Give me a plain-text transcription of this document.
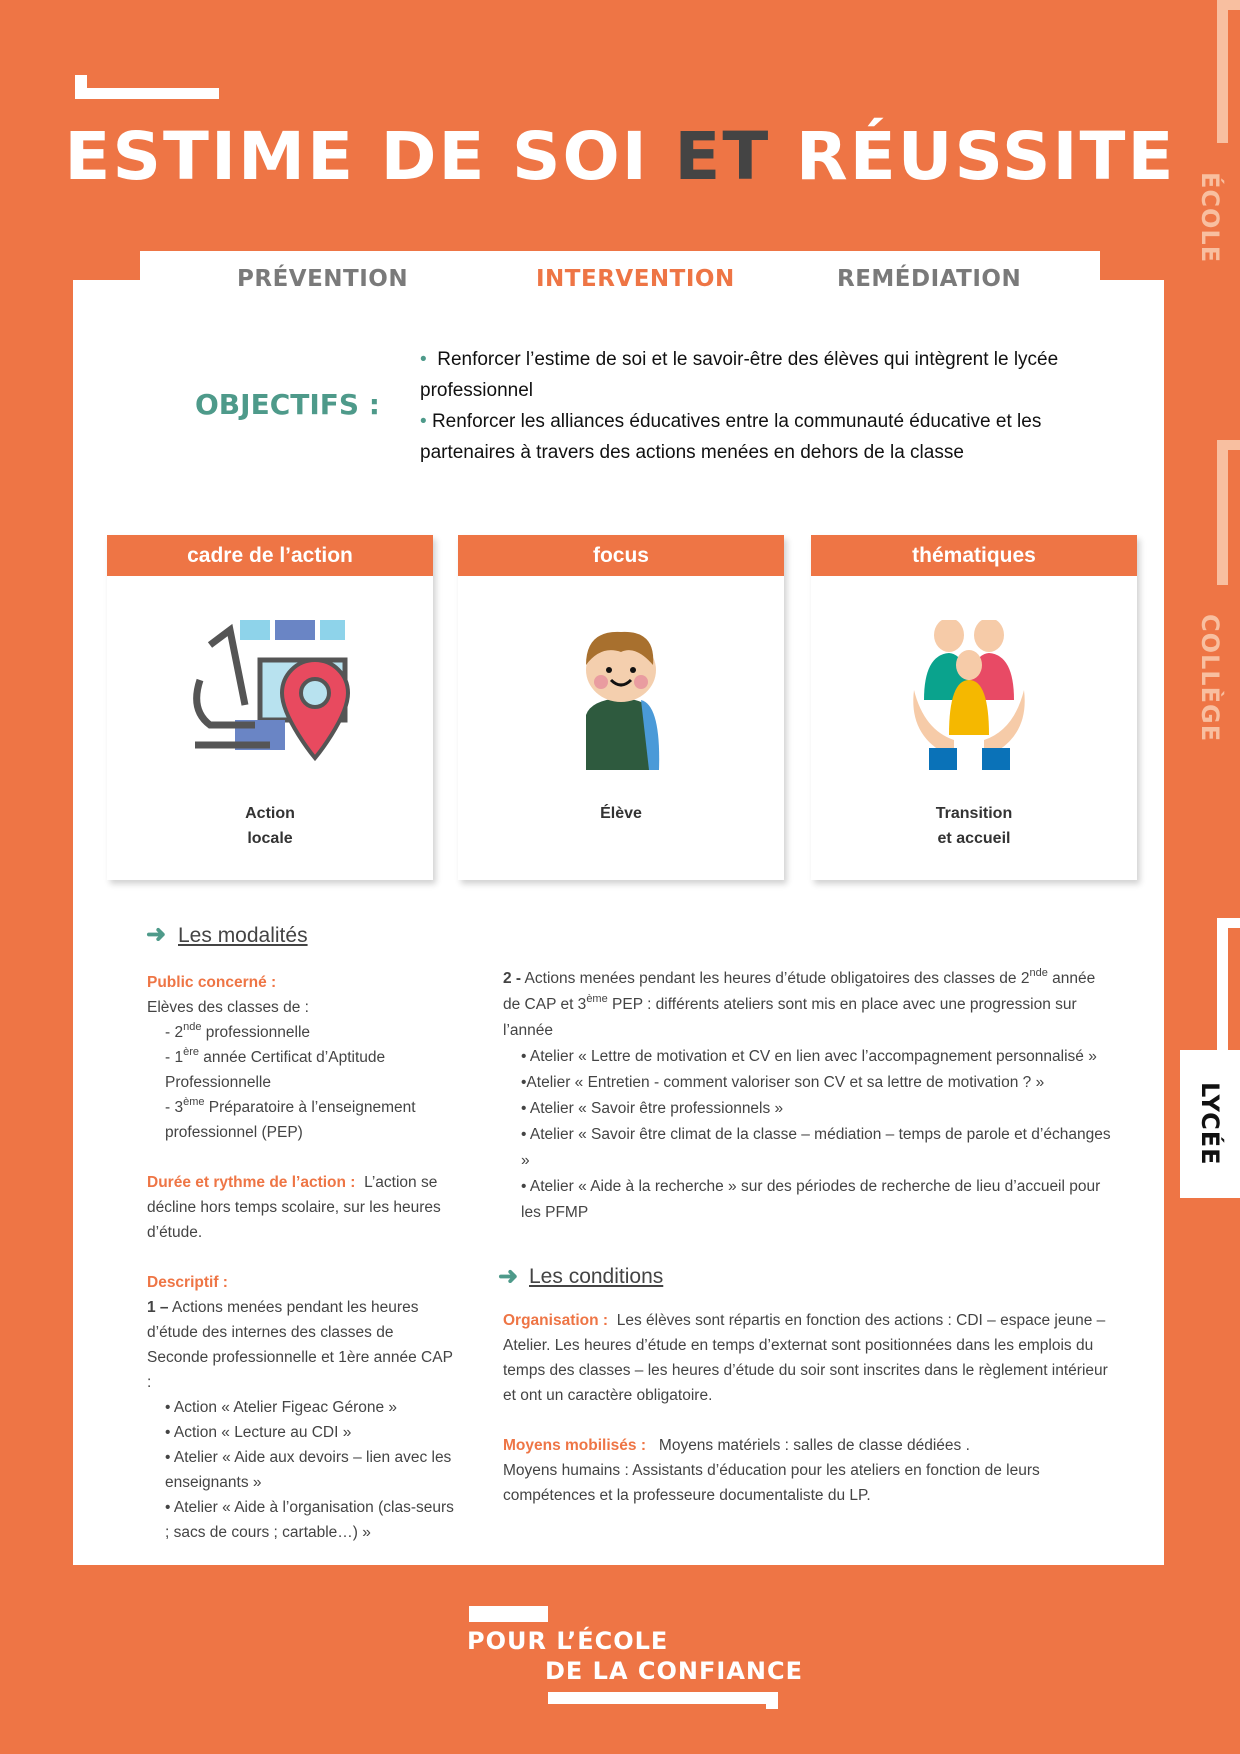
ESTIME DE SOI ET RÉUSSITE
ÉCOLE
COLLÈGE
LYCÉE
PRÉVENTION	INTERVENTION	REMÉDIATION
OBJECTIFS :

• Renforcer l’estime de soi et le savoir-être des élèves qui intègrent le lycée professionnel

• Renforcer les alliances éducatives entre la communauté éducative et les partenaires à travers des actions menées en dehors de la classe

cadre de l’action
Action
locale
focus
Élève
thématiques
Transition
et accueil
➜ Les modalités

Public concerné :

Elèves des classes de :

- 2nde professionnelle

- 1ère année Certificat d’Aptitude Professionnelle

- 3ème Préparatoire à l’enseignement professionnel (PEP)

Durée et rythme de l’action : L’action se décline hors temps scolaire, sur les heures d’étude.

Descriptif :

1 – Actions menées pendant les heures d’étude des internes des classes de Seconde professionnelle et 1ère année CAP :

• Action « Atelier Figeac Gérone »

• Action « Lecture au CDI »

• Atelier « Aide aux devoirs – lien avec les enseignants »

• Atelier « Aide à l’organisation (clas-seurs ; sacs de cours ; cartable…) »

2 - Actions menées pendant les heures d’étude obligatoires des classes de 2nde année de CAP et 3ème PEP : différents ateliers sont mis en place avec une progression sur l’année

• Atelier « Lettre de motivation et CV en lien avec l’accompagnement personnalisé »

•Atelier « Entretien - comment valoriser son CV et sa lettre de motivation ? »

• Atelier « Savoir être professionnels »

• Atelier « Savoir être climat de la classe – médiation – temps de parole et d’échanges »

• Atelier « Aide à la recherche » sur des périodes de recherche de lieu d’accueil pour les PFMP

➜ Les conditions

Organisation : Les élèves sont répartis en fonction des actions : CDI – espace jeune – Atelier. Les heures d’étude en temps d’externat sont positionnées dans les emplois du temps des classes – les heures d’étude du soir sont inscrites dans le règlement intérieur et ont un caractère obligatoire.

Moyens mobilisés : Moyens matériels : salles de classe dédiées .

Moyens humains : Assistants d’éducation pour les ateliers en fonction de leurs compétences et la professeure documentaliste du LP.

POUR L’ÉCOLE
DE LA CONFIANCE
